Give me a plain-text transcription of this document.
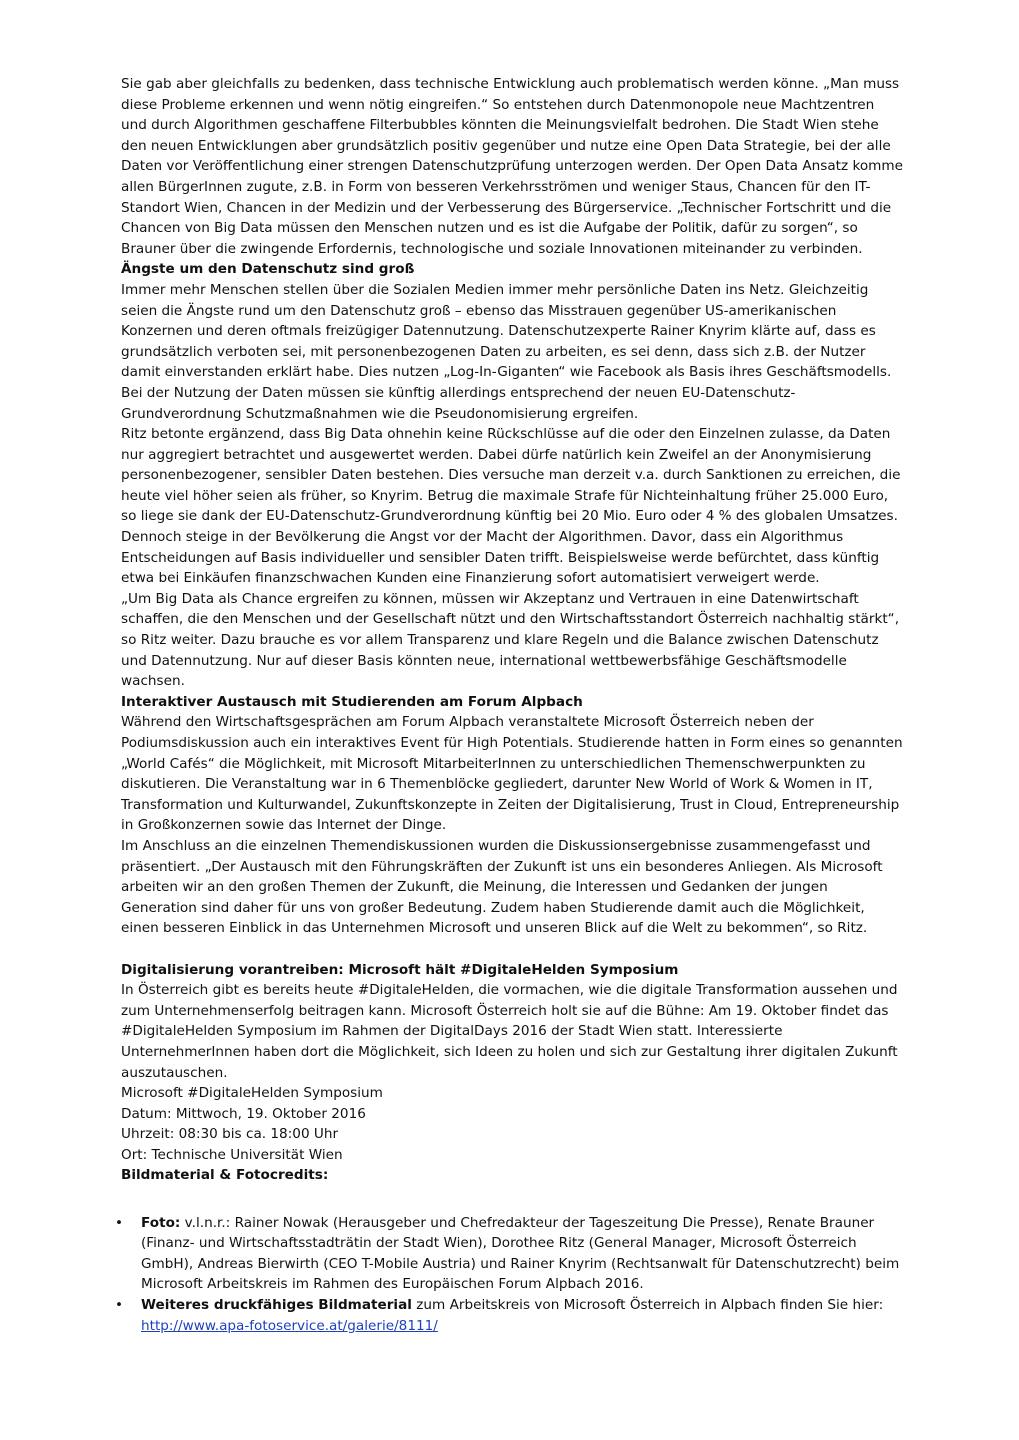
Sie gab aber gleichfalls zu bedenken, dass technische Entwicklung auch problematisch werden könne. „Man muss diese Probleme erkennen und wenn nötig eingreifen.“ So entstehen durch Datenmonopole neue Machtzentren und durch Algorithmen geschaffene Filterbubbles könnten die Meinungsvielfalt bedrohen. Die Stadt Wien stehe den neuen Entwicklungen aber grundsätzlich positiv gegenüber und nutze eine Open Data Strategie, bei der alle Daten vor Veröffentlichung einer strengen Datenschutzprüfung unterzogen werden. Der Open Data Ansatz komme allen BürgerInnen zugute, z.B. in Form von besseren Verkehrsströmen und weniger Staus, Chancen für den IT-Standort Wien, Chancen in der Medizin und der Verbesserung des Bürgerservice. „Technischer Fortschritt und die Chancen von Big Data müssen den Menschen nutzen und es ist die Aufgabe der Politik, dafür zu sorgen“, so Brauner über die zwingende Erfordernis, technologische und soziale Innovationen miteinander zu verbinden.

Ängste um den Datenschutz sind groß

Immer mehr Menschen stellen über die Sozialen Medien immer mehr persönliche Daten ins Netz. Gleichzeitig seien die Ängste rund um den Datenschutz groß – ebenso das Misstrauen gegenüber US-amerikanischen Konzernen und deren oftmals freizügiger Datennutzung. Datenschutzexperte Rainer Knyrim klärte auf, dass es grundsätzlich verboten sei, mit personenbezogenen Daten zu arbeiten, es sei denn, dass sich z.B. der Nutzer damit einverstanden erklärt habe. Dies nutzen „Log-In-Giganten“ wie Facebook als Basis ihres Geschäftsmodells. Bei der Nutzung der Daten müssen sie künftig allerdings entsprechend der neuen EU-Datenschutz-Grundverordnung Schutzmaßnahmen wie die Pseudonomisierung ergreifen.

Ritz betonte ergänzend, dass Big Data ohnehin keine Rückschlüsse auf die oder den Einzelnen zulasse, da Daten nur aggregiert betrachtet und ausgewertet werden. Dabei dürfe natürlich kein Zweifel an der Anonymisierung personenbezogener, sensibler Daten bestehen. Dies versuche man derzeit v.a. durch Sanktionen zu erreichen, die heute viel höher seien als früher, so Knyrim. Betrug die maximale Strafe für Nichteinhaltung früher 25.000 Euro, so liege sie dank der EU-Datenschutz-Grundverordnung künftig bei 20 Mio. Euro oder 4 % des globalen Umsatzes.

Dennoch steige in der Bevölkerung die Angst vor der Macht der Algorithmen. Davor, dass ein Algorithmus Entscheidungen auf Basis individueller und sensibler Daten trifft. Beispielsweise werde befürchtet, dass künftig etwa bei Einkäufen finanzschwachen Kunden eine Finanzierung sofort automatisiert verweigert werde.

„Um Big Data als Chance ergreifen zu können, müssen wir Akzeptanz und Vertrauen in eine Datenwirtschaft schaffen, die den Menschen und der Gesellschaft nützt und den Wirtschaftsstandort Österreich nachhaltig stärkt“, so Ritz weiter. Dazu brauche es vor allem Transparenz und klare Regeln und die Balance zwischen Datenschutz und Datennutzung. Nur auf dieser Basis könnten neue, international wettbewerbsfähige Geschäftsmodelle wachsen.

Interaktiver Austausch mit Studierenden am Forum Alpbach

Während den Wirtschaftsgesprächen am Forum Alpbach veranstaltete Microsoft Österreich neben der Podiumsdiskussion auch ein interaktives Event für High Potentials. Studierende hatten in Form eines so genannten „World Cafés“ die Möglichkeit, mit Microsoft MitarbeiterInnen zu unterschiedlichen Themenschwerpunkten zu diskutieren. Die Veranstaltung war in 6 Themenblöcke gegliedert, darunter New World of Work & Women in IT, Transformation und Kulturwandel, Zukunftskonzepte in Zeiten der Digitalisierung, Trust in Cloud, Entrepreneurship in Großkonzernen sowie das Internet der Dinge.

Im Anschluss an die einzelnen Themendiskussionen wurden die Diskussionsergebnisse zusammengefasst und präsentiert. „Der Austausch mit den Führungskräften der Zukunft ist uns ein besonderes Anliegen. Als Microsoft arbeiten wir an den großen Themen der Zukunft, die Meinung, die Interessen und Gedanken der jungen Generation sind daher für uns von großer Bedeutung. Zudem haben Studierende damit auch die Möglichkeit, einen besseren Einblick in das Unternehmen Microsoft und unseren Blick auf die Welt zu bekommen“, so Ritz.

Digitalisierung vorantreiben: Microsoft hält #DigitaleHelden Symposium

In Österreich gibt es bereits heute #DigitaleHelden, die vormachen, wie die digitale Transformation aussehen und zum Unternehmenserfolg beitragen kann. Microsoft Österreich holt sie auf die Bühne: Am 19. Oktober findet das #DigitaleHelden Symposium im Rahmen der DigitalDays 2016 der Stadt Wien statt. Interessierte UnternehmerInnen haben dort die Möglichkeit, sich Ideen zu holen und sich zur Gestaltung ihrer digitalen Zukunft auszutauschen.

Microsoft #DigitaleHelden Symposium

Datum: Mittwoch, 19. Oktober 2016

Uhrzeit: 08:30 bis ca. 18:00 Uhr

Ort: Technische Universität Wien

Bildmaterial & Fotocredits:
• Foto: v.l.n.r.: Rainer Nowak (Herausgeber und Chefredakteur der Tageszeitung Die Presse), Renate Brauner (Finanz- und Wirtschaftsstadträtin der Stadt Wien), Dorothee Ritz (General Manager, Microsoft Österreich GmbH), Andreas Bierwirth (CEO T-Mobile Austria) und Rainer Knyrim (Rechtsanwalt für Datenschutzrecht) beim Microsoft Arbeitskreis im Rahmen des Europäischen Forum Alpbach 2016.
• Weiteres druckfähiges Bildmaterial zum Arbeitskreis von Microsoft Österreich in Alpbach finden Sie hier: http://www.apa-fotoservice.at/galerie/8111/
